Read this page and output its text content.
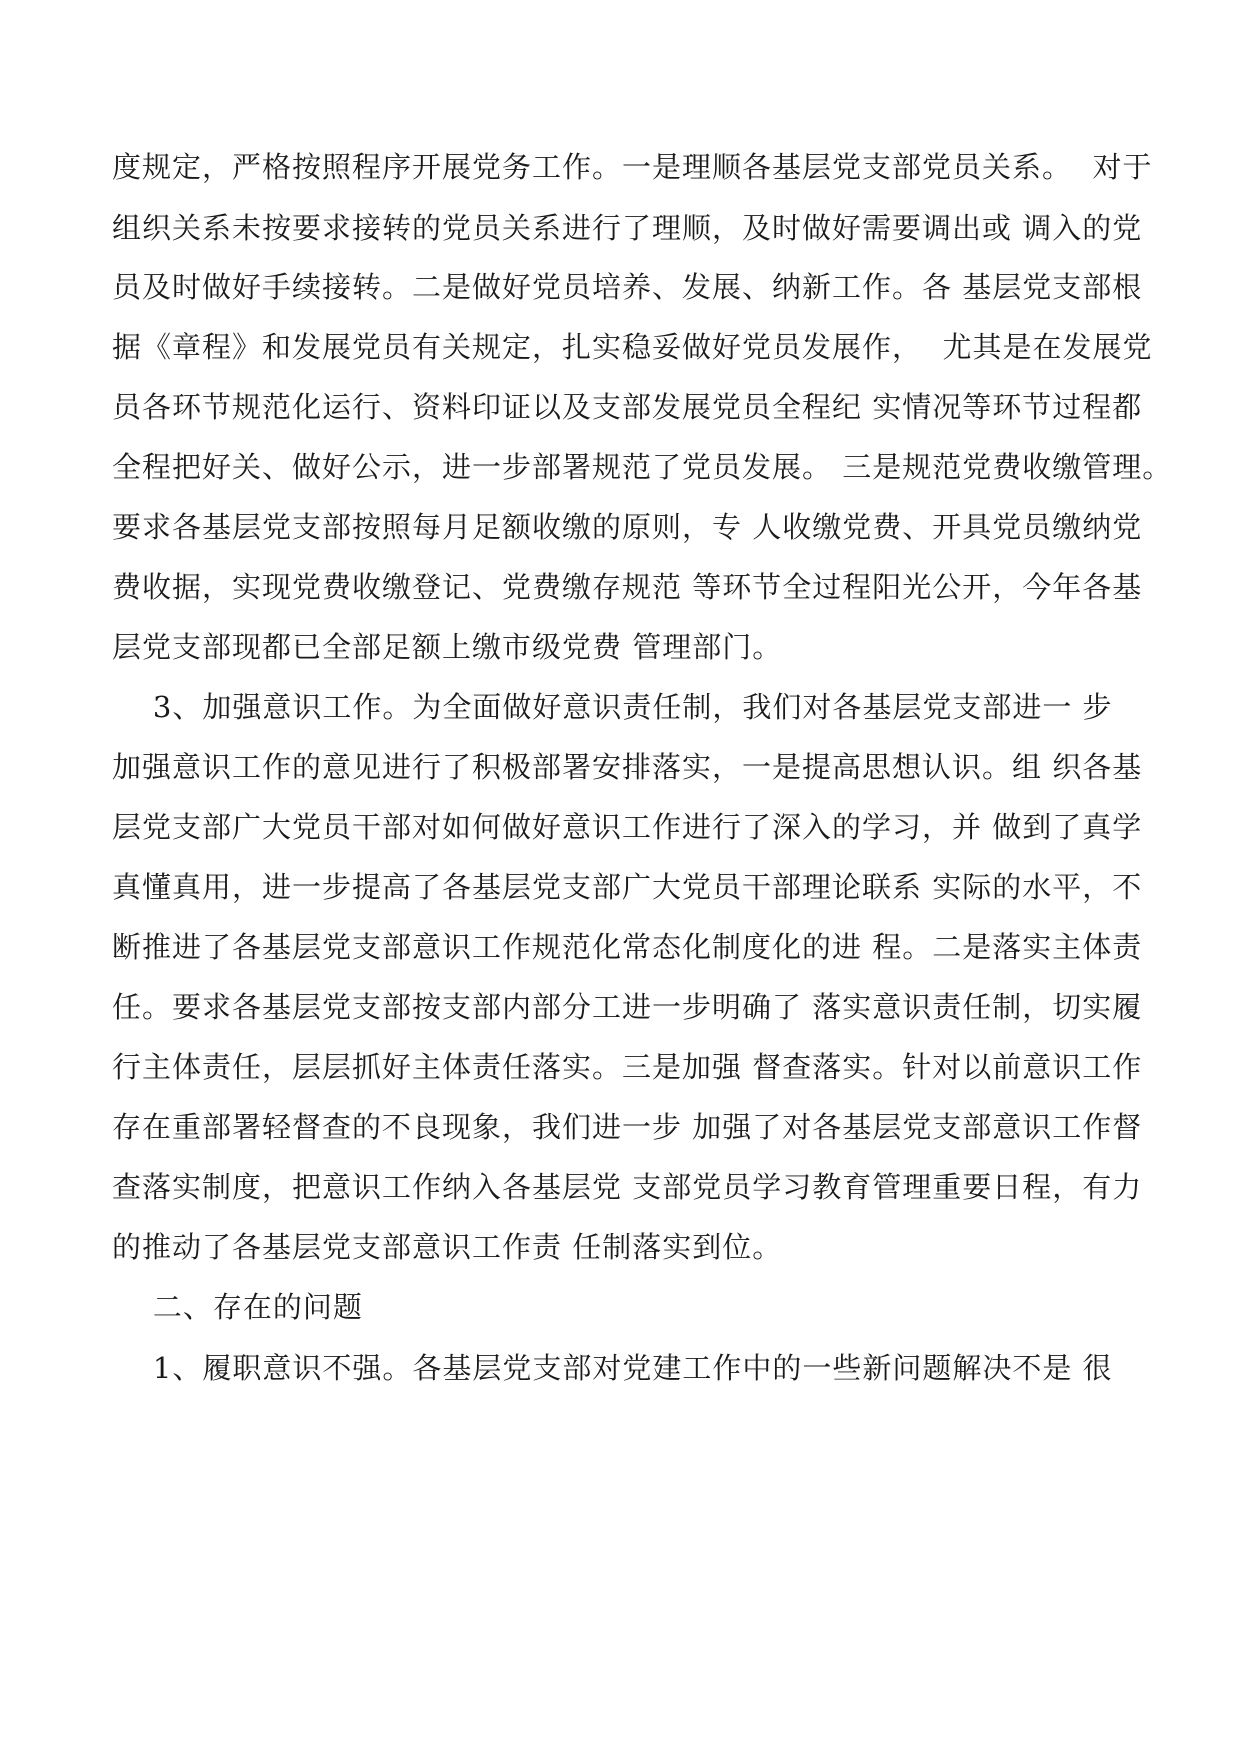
度规定，严格按照程序开展党务工作。一是理顺各基层党支部党员关系。  对于
组织关系未按要求接转的党员关系进行了理顺，及时做好需要调出或 调入的党
员及时做好手续接转。二是做好党员培养、发展、纳新工作。各 基层党支部根
据《章程》和发展党员有关规定，扎实稳妥做好党员发展作，  尤其是在发展党
员各环节规范化运行、资料印证以及支部发展党员全程纪 实情况等环节过程都
全程把好关、做好公示，进一步部署规范了党员发展。 三是规范党费收缴管理。
要求各基层党支部按照每月足额收缴的原则，专 人收缴党费、开具党员缴纳党
费收据，实现党费收缴登记、党费缴存规范 等环节全过程阳光公开，今年各基
层党支部现都已全部足额上缴市级党费 管理部门。
3、加强意识工作。为全面做好意识责任制，我们对各基层党支部进一 步
加强意识工作的意见进行了积极部署安排落实，一是提高思想认识。组 织各基
层党支部广大党员干部对如何做好意识工作进行了深入的学习，并 做到了真学
真懂真用，进一步提高了各基层党支部广大党员干部理论联系 实际的水平，不
断推进了各基层党支部意识工作规范化常态化制度化的进 程。二是落实主体责
任。要求各基层党支部按支部内部分工进一步明确了 落实意识责任制，切实履
行主体责任，层层抓好主体责任落实。三是加强 督查落实。针对以前意识工作
存在重部署轻督查的不良现象，我们进一步 加强了对各基层党支部意识工作督
查落实制度，把意识工作纳入各基层党 支部党员学习教育管理重要日程，有力
的推动了各基层党支部意识工作责 任制落实到位。
二、存在的问题
1、履职意识不强。各基层党支部对党建工作中的一些新问题解决不是 很
